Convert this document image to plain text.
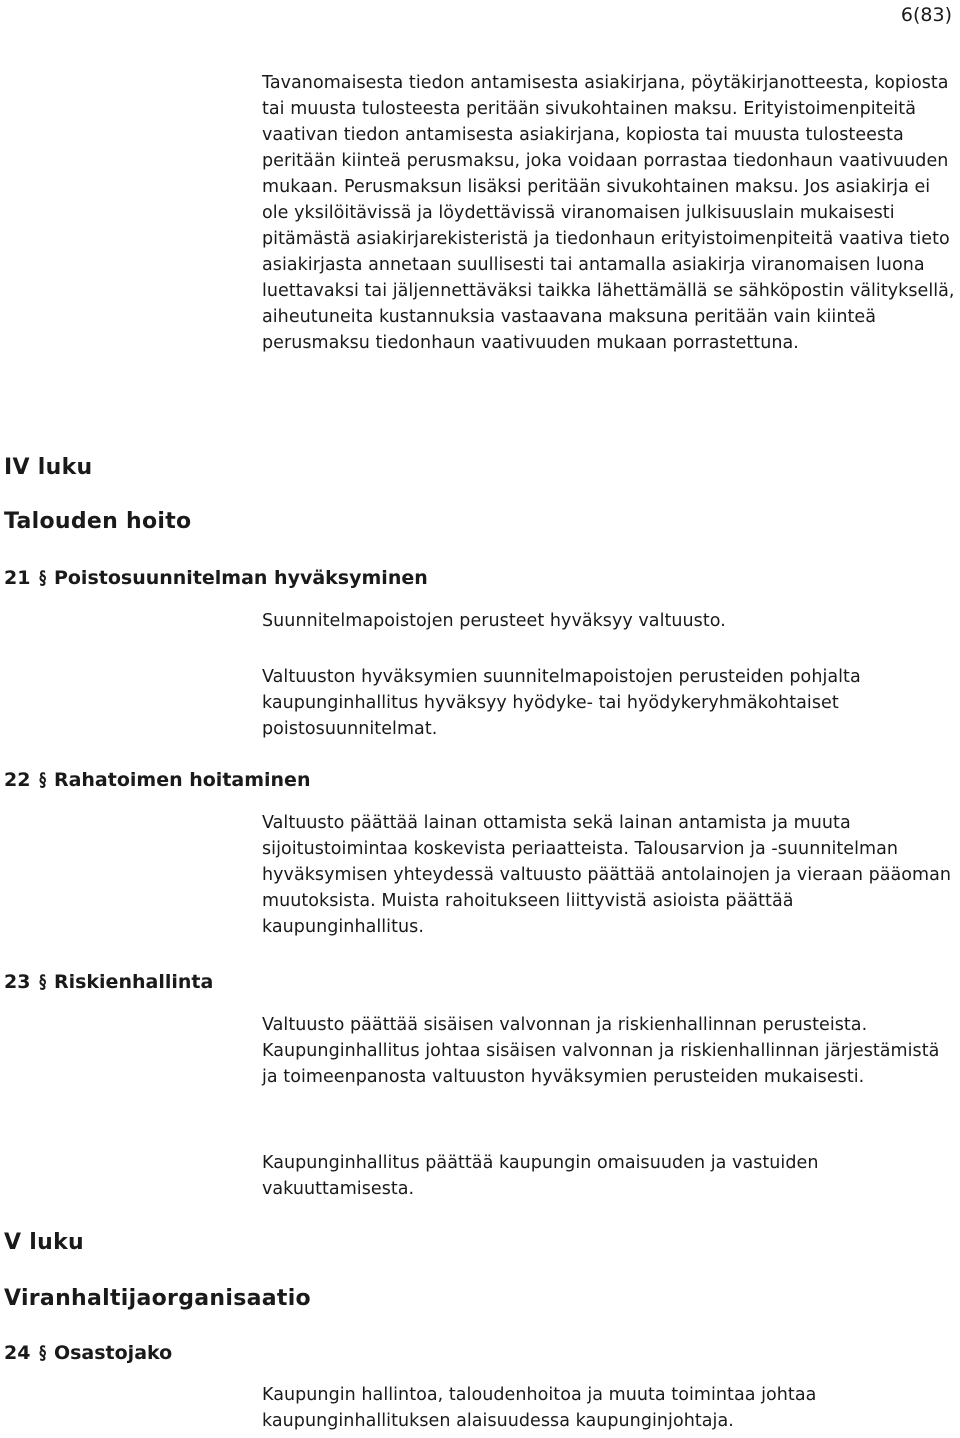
6(83)

Tavanomaisesta tiedon antamisesta asiakirjana, pöytäkirjanotteesta, kopiosta tai muusta tulosteesta peritään sivukohtainen maksu. Erityistoimenpiteitä vaativan tiedon antamisesta asiakirjana, kopiosta tai muusta tulosteesta peritään kiinteä perusmaksu, joka voidaan porrastaa tiedonhaun vaativuuden mukaan. Perusmaksun lisäksi peritään sivukohtainen maksu. Jos asiakirja ei ole yksilöitävissä ja löydettävissä viranomaisen julkisuuslain mukaisesti pitämästä asiakirjarekisteristä ja tiedonhaun erityistoimenpiteitä vaativa tieto asiakirjasta annetaan suullisesti tai antamalla asiakirja viranomaisen luona luettavaksi tai jäljennettäväksi taikka lähettämällä se sähköpostin välityksellä, aiheutuneita kustannuksia vastaavana maksuna peritään vain kiinteä perusmaksu tiedonhaun vaativuuden mukaan porrastettuna.

IV luku
Talouden hoito
21 § Poistosuunnitelman hyväksyminen

Suunnitelmapoistojen perusteet hyväksyy valtuusto.

Valtuuston hyväksymien suunnitelmapoistojen perusteiden pohjalta kaupunginhallitus hyväksyy hyödyke- tai hyödykeryhmäkohtaiset poistosuunnitelmat.

22 § Rahatoimen hoitaminen

Valtuusto päättää lainan ottamista sekä lainan antamista ja muuta sijoitustoimintaa koskevista periaatteista. Talousarvion ja -suunnitelman hyväksymisen yhteydessä valtuusto päättää antolainojen ja vieraan pääoman muutoksista. Muista rahoitukseen liittyvistä asioista päättää kaupunginhallitus.

23 § Riskienhallinta

Valtuusto päättää sisäisen valvonnan ja riskienhallinnan perusteista. Kaupunginhallitus johtaa sisäisen valvonnan ja riskienhallinnan järjestämistä ja toimeenpanosta valtuuston hyväksymien perusteiden mukaisesti.

Kaupunginhallitus päättää kaupungin omaisuuden ja vastuiden vakuuttamisesta.

V luku
Viranhaltijaorganisaatio
24 § Osastojako

Kaupungin hallintoa, taloudenhoitoa ja muuta toimintaa johtaa kaupunginhallituksen alaisuudessa kaupunginjohtaja.
